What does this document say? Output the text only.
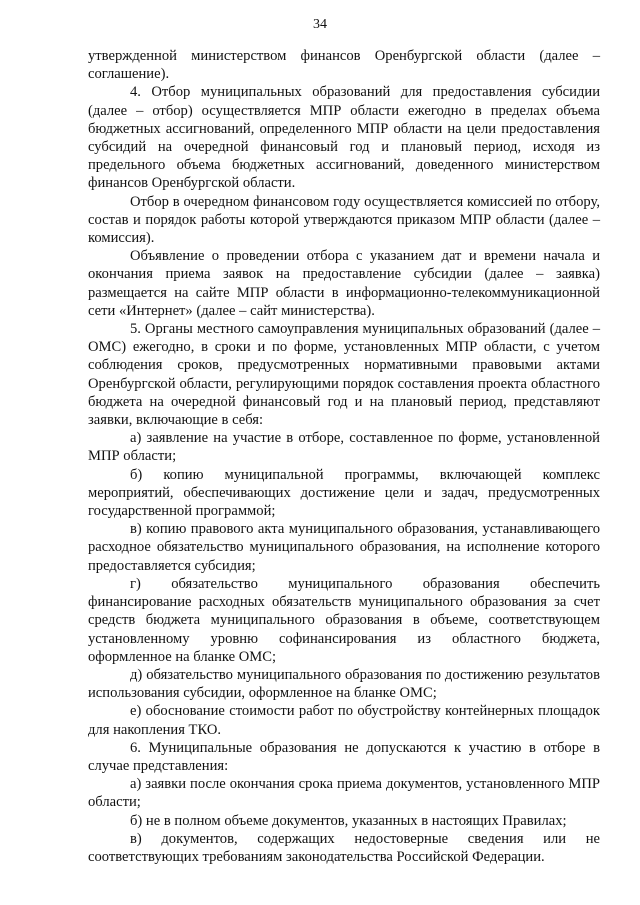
34

утвержденной министерством финансов Оренбургской области (далее – соглашение).

4. Отбор муниципальных образований для предоставления субсидии (далее – отбор) осуществляется МПР области ежегодно в пределах объема бюджетных ассигнований, определенного МПР области на цели предоставления субсидий на очередной финансовый год и плановый период, исходя из предельного объема бюджетных ассигнований, доведенного министерством финансов Оренбургской области.

Отбор в очередном финансовом году осуществляется комиссией по отбору, состав и порядок работы которой утверждаются приказом МПР области (далее – комиссия).

Объявление о проведении отбора с указанием дат и времени начала и окончания приема заявок на предоставление субсидии (далее – заявка) размещается на сайте МПР области в информационно-телекоммуникационной сети «Интернет» (далее – сайт министерства).

5. Органы местного самоуправления муниципальных образований (далее – ОМС) ежегодно, в сроки и по форме, установленных МПР области, с учетом соблюдения сроков, предусмотренных нормативными правовыми актами Оренбургской области, регулирующими порядок составления проекта областного бюджета на очередной финансовый год и на плановый период, представляют заявки, включающие в себя:

а) заявление на участие в отборе, составленное по форме, установленной МПР области;

б) копию муниципальной программы, включающей комплекс мероприятий, обеспечивающих достижение цели и задач, предусмотренных государственной программой;

в) копию правового акта муниципального образования, устанавливающего расходное обязательство муниципального образования, на исполнение которого предоставляется субсидия;

г) обязательство муниципального образования обеспечить финансирование расходных обязательств муниципального образования за счет средств бюджета муниципального образования в объеме, соответствующем установленному уровню софинансирования из областного бюджета, оформленное на бланке ОМС;

д) обязательство муниципального образования по достижению результатов использования субсидии, оформленное на бланке ОМС;

е) обоснование стоимости работ по обустройству контейнерных площадок для накопления ТКО.

6. Муниципальные образования не допускаются к участию в отборе в случае представления:

а) заявки после окончания срока приема документов, установленного МПР области;

б) не в полном объеме документов, указанных в настоящих Правилах;

в) документов, содержащих недостоверные сведения или не соответствующих требованиям законодательства Российской Федерации.
